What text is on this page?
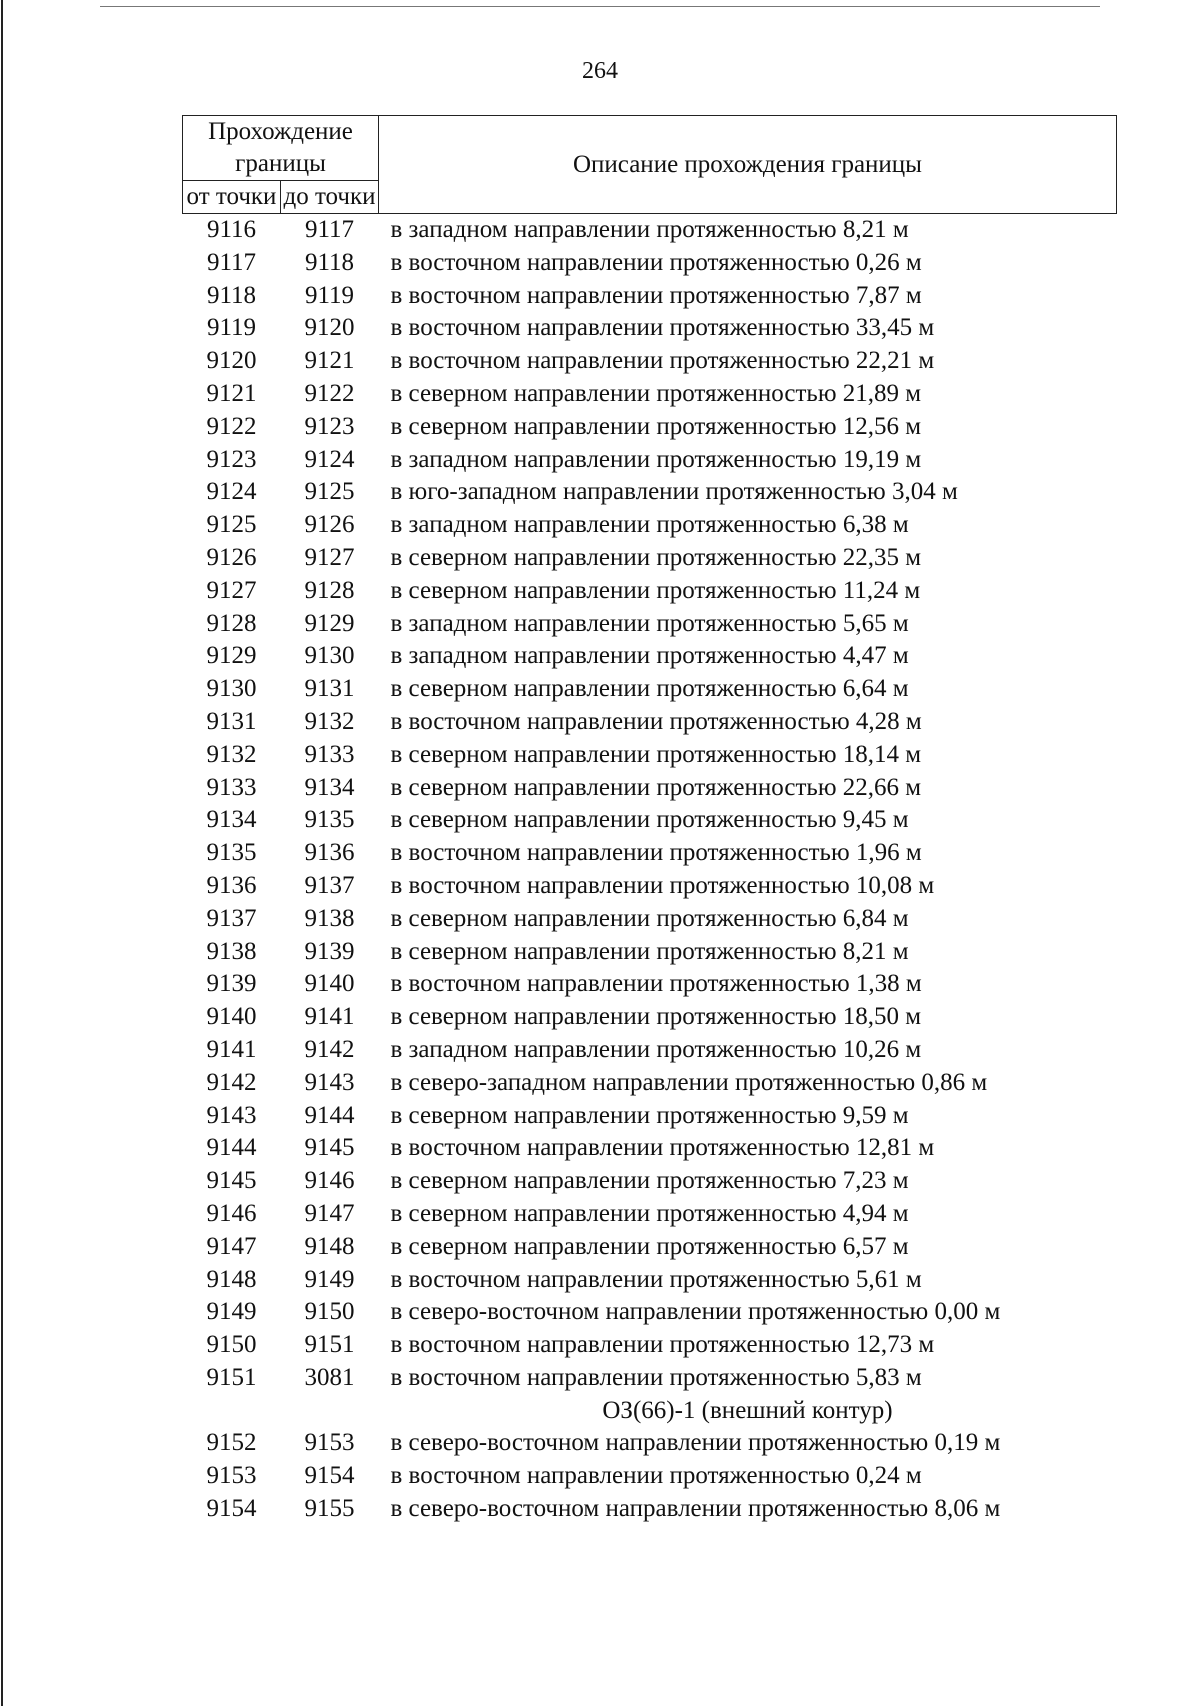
264
Прохождение границы		Описание прохождения границы
от точки	до точки	
9116	9117	в западном направлении протяженностью 8,21 м
9117	9118	в восточном направлении протяженностью 0,26 м
9118	9119	в восточном направлении протяженностью 7,87 м
9119	9120	в восточном направлении протяженностью 33,45 м
9120	9121	в восточном направлении протяженностью 22,21 м
9121	9122	в северном направлении протяженностью 21,89 м
9122	9123	в северном направлении протяженностью 12,56 м
9123	9124	в западном направлении протяженностью 19,19 м
9124	9125	в юго-западном направлении протяженностью 3,04 м
9125	9126	в западном направлении протяженностью 6,38 м
9126	9127	в северном направлении протяженностью 22,35 м
9127	9128	в северном направлении протяженностью 11,24 м
9128	9129	в западном направлении протяженностью 5,65 м
9129	9130	в западном направлении протяженностью 4,47 м
9130	9131	в северном направлении протяженностью 6,64 м
9131	9132	в восточном направлении протяженностью 4,28 м
9132	9133	в северном направлении протяженностью 18,14 м
9133	9134	в северном направлении протяженностью 22,66 м
9134	9135	в северном направлении протяженностью 9,45 м
9135	9136	в восточном направлении протяженностью 1,96 м
9136	9137	в восточном направлении протяженностью 10,08 м
9137	9138	в северном направлении протяженностью 6,84 м
9138	9139	в северном направлении протяженностью 8,21 м
9139	9140	в восточном направлении протяженностью 1,38 м
9140	9141	в северном направлении протяженностью 18,50 м
9141	9142	в западном направлении протяженностью 10,26 м
9142	9143	в северо-западном направлении протяженностью 0,86 м
9143	9144	в северном направлении протяженностью 9,59 м
9144	9145	в восточном направлении протяженностью 12,81 м
9145	9146	в северном направлении протяженностью 7,23 м
9146	9147	в северном направлении протяженностью 4,94 м
9147	9148	в северном направлении протяженностью 6,57 м
9148	9149	в восточном направлении протяженностью 5,61 м
9149	9150	в северо-восточном направлении протяженностью 0,00 м
9150	9151	в восточном направлении протяженностью 12,73 м
9151	3081	в восточном направлении протяженностью 5,83 м
		ОЗ(66)-1 (внешний контур)
9152	9153	в северо-восточном направлении протяженностью 0,19 м
9153	9154	в восточном направлении протяженностью 0,24 м
9154	9155	в северо-восточном направлении протяженностью 8,06 м
